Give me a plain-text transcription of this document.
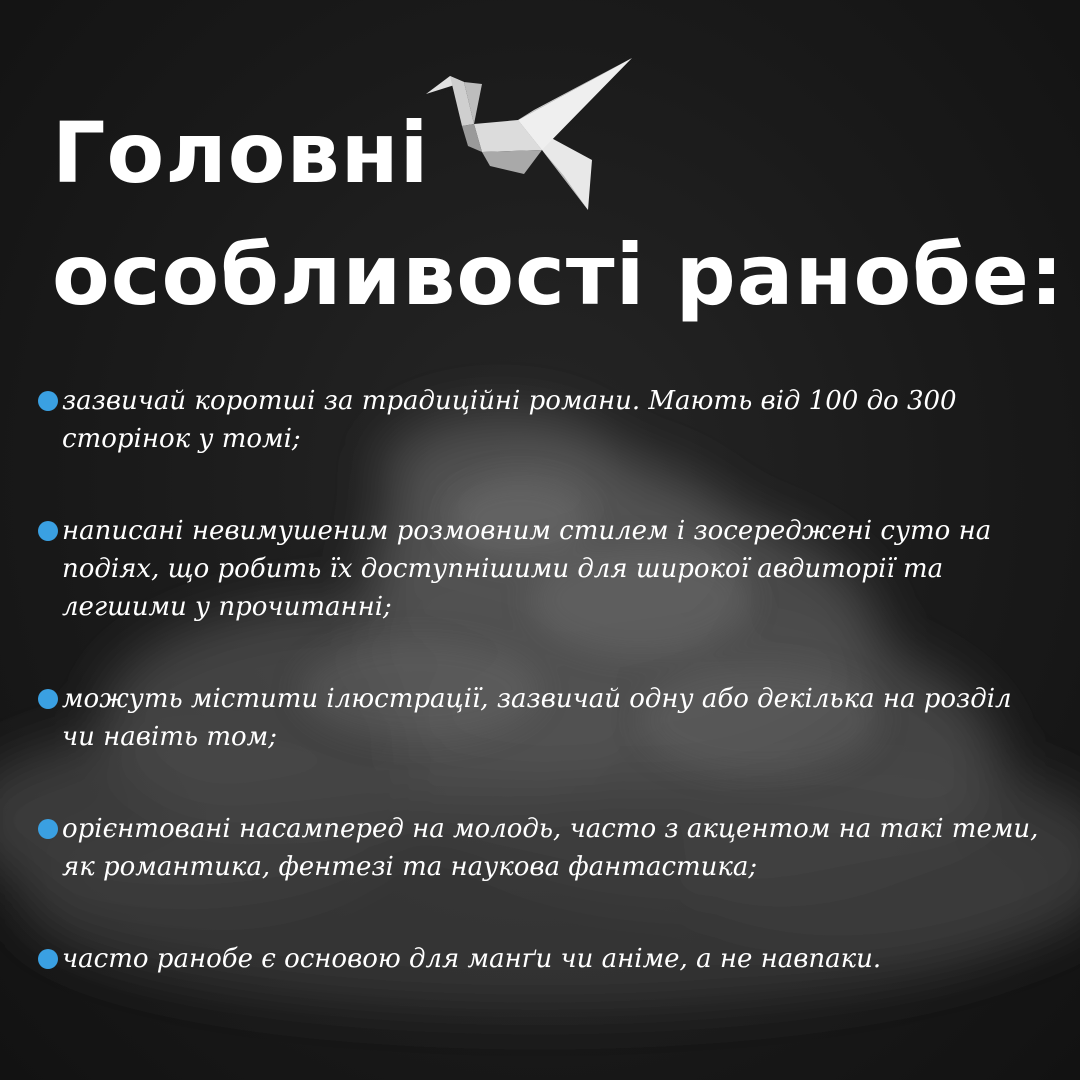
Головні
особливості ранобе:
зазвичай коротші за традиційні романи. Мають від 100 до 300 сторінок у томі;
написані невимушеним розмовним стилем і зосереджені суто на подіях, що робить їх доступнішими для широкої авдиторії та легшими у прочитанні;
можуть містити ілюстрації, зазвичай одну або декілька на розділ чи навіть том;
орієнтовані насамперед на молодь, часто з акцентом на такі теми, як романтика, фентезі та наукова фантастика;
часто ранобе є основою для манґи чи аніме, а не навпаки.
